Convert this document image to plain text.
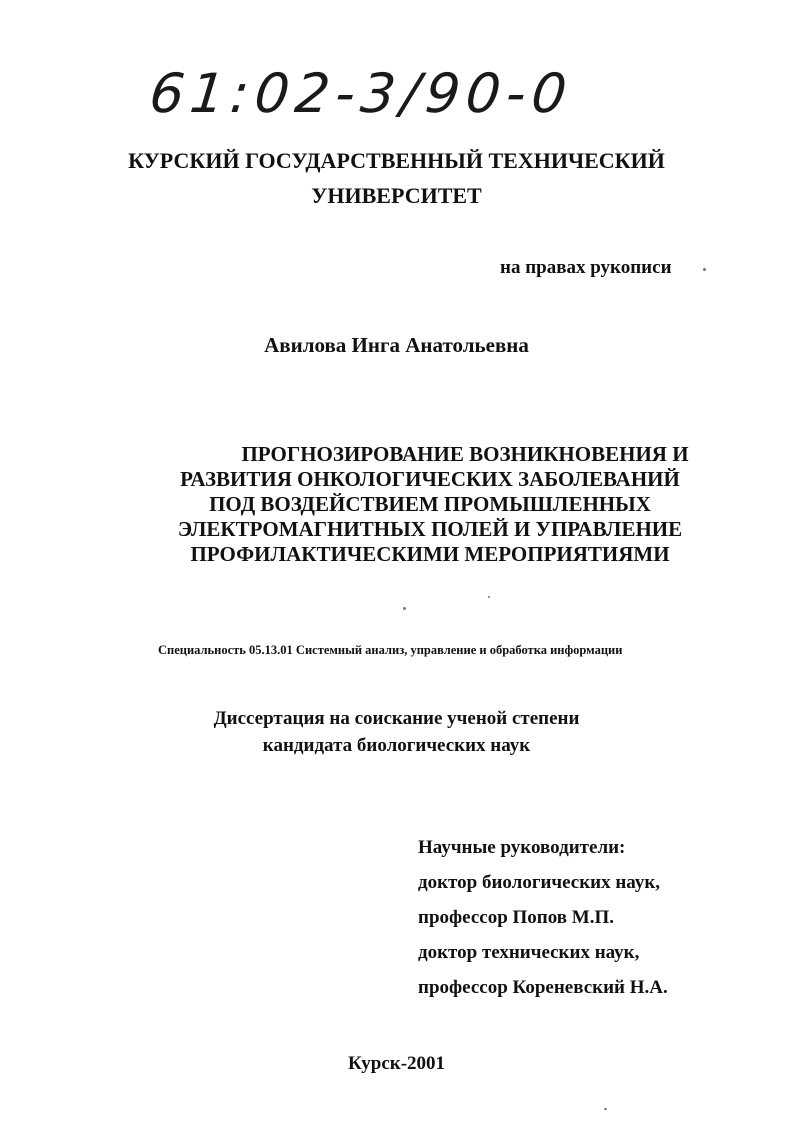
61:02-3/90-0
КУРСКИЙ ГОСУДАРСТВЕННЫЙ ТЕХНИЧЕСКИЙ
УНИВЕРСИТЕТ
на правах рукописи
Авилова Инга Анатольевна
ПРОГНОЗИРОВАНИЕ ВОЗНИКНОВЕНИЯ И
РАЗВИТИЯ ОНКОЛОГИЧЕСКИХ ЗАБОЛЕВАНИЙ
ПОД ВОЗДЕЙСТВИЕМ ПРОМЫШЛЕННЫХ
ЭЛЕКТРОМАГНИТНЫХ ПОЛЕЙ И УПРАВЛЕНИЕ
ПРОФИЛАКТИЧЕСКИМИ МЕРОПРИЯТИЯМИ
Специальность 05.13.01 Системный анализ, управление и обработка информации
Диссертация на соискание ученой степени
кандидата биологических наук
Научные руководители:
доктор биологических наук,
профессор Попов М.П.
доктор технических наук,
профессор Кореневский Н.А.
Курск-2001
